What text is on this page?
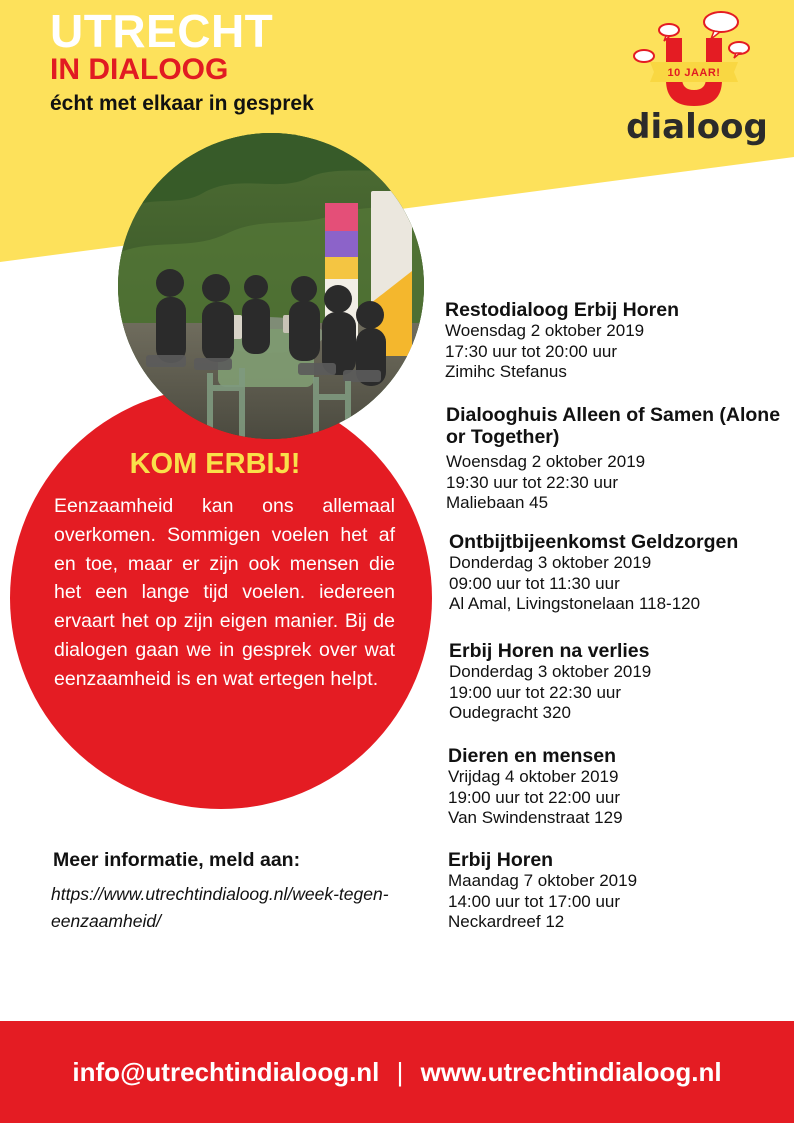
UTRECHT
IN DIALOOG
écht met elkaar in gesprek
10 JAAR!
dialoog
KOM ERBIJ!
Eenzaamheid kan ons allemaal overkomen. Sommigen voelen het af en toe, maar er zijn ook mensen die het een lange tijd voelen. iedereen ervaart het op zijn eigen manier. Bij de dialogen gaan we in gesprek over wat eenzaamheid is en wat ertegen helpt.
Restodialoog Erbij Horen
Woensdag 2 oktober 2019
17:30 uur tot 20:00 uur
Zimihc Stefanus
Dialooghuis Alleen of Samen (Alone or Together)
Woensdag 2 oktober 2019
19:30 uur tot 22:30 uur
Maliebaan 45
Ontbijtbijeenkomst Geldzorgen
Donderdag 3 oktober 2019
09:00 uur tot 11:30 uur
Al Amal, Livingstonelaan 118-120
Erbij Horen na verlies
Donderdag 3 oktober 2019
19:00 uur tot 22:30 uur
Oudegracht 320
Dieren en mensen
Vrijdag 4 oktober 2019
19:00 uur tot 22:00 uur
Van Swindenstraat 129
Erbij Horen
Maandag 7 oktober 2019
14:00 uur tot 17:00 uur
Neckardreef 12
Meer informatie, meld aan:
https://www.utrechtindialoog.nl/week-tegen-eenzaamheid/
info@utrechtindialoog.nl | www.utrechtindialoog.nl
